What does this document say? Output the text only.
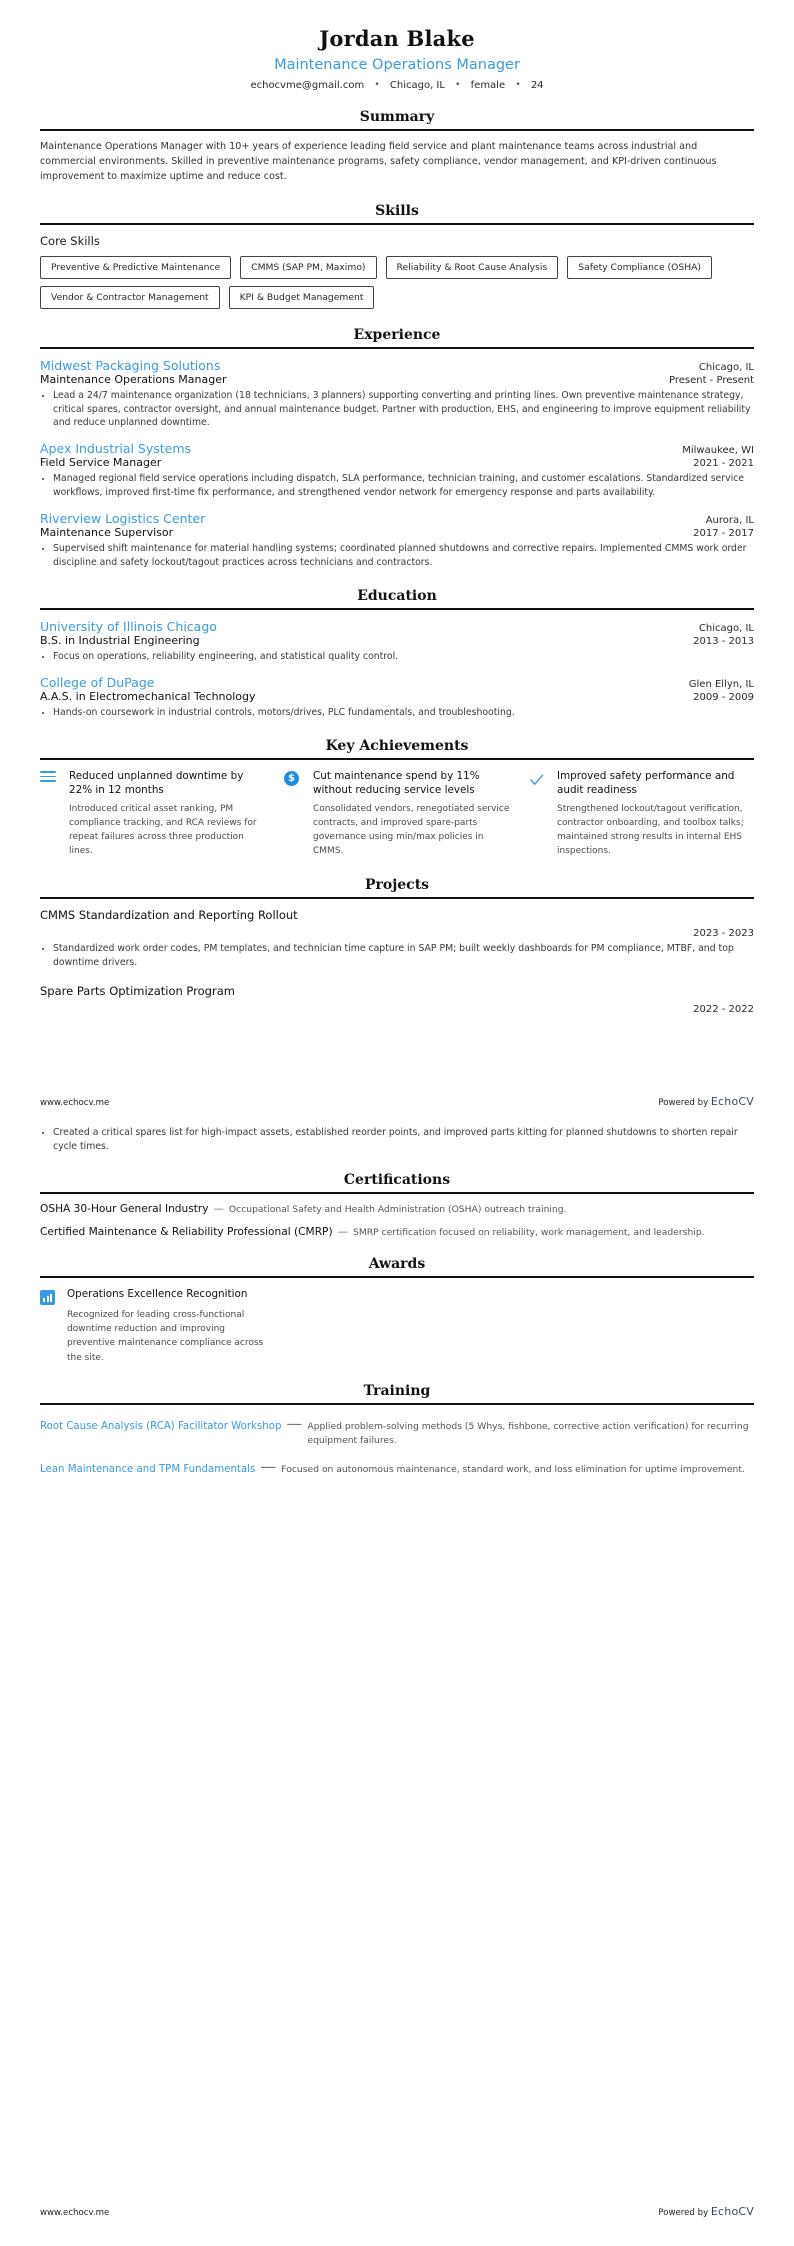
Jordan Blake
Maintenance Operations Manager
echocvme@gmail.com • Chicago, IL • female • 24
Summary
Maintenance Operations Manager with 10+ years of experience leading field service and plant maintenance teams across industrial and commercial environments. Skilled in preventive maintenance programs, safety compliance, vendor management, and KPI-driven continuous improvement to maximize uptime and reduce cost.
Skills
Core Skills
Preventive & Predictive Maintenance	CMMS (SAP PM, Maximo)	Reliability & Root Cause Analysis	Safety Compliance (OSHA)
Vendor & Contractor Management	KPI & Budget Management
Experience
Midwest Packaging Solutions	Chicago, IL
Maintenance Operations Manager	Present - Present
• Lead a 24/7 maintenance organization (18 technicians, 3 planners) supporting converting and printing lines. Own preventive maintenance strategy, critical spares, contractor oversight, and annual maintenance budget. Partner with production, EHS, and engineering to improve equipment reliability and reduce unplanned downtime.
Apex Industrial Systems	Milwaukee, WI
Field Service Manager	2021 - 2021
• Managed regional field service operations including dispatch, SLA performance, technician training, and customer escalations. Standardized service workflows, improved first-time fix performance, and strengthened vendor network for emergency response and parts availability.
Riverview Logistics Center	Aurora, IL
Maintenance Supervisor	2017 - 2017
• Supervised shift maintenance for material handling systems; coordinated planned shutdowns and corrective repairs. Implemented CMMS work order discipline and safety lockout/tagout practices across technicians and contractors.
Education
University of Illinois Chicago	Chicago, IL
B.S. in Industrial Engineering	2013 - 2013
• Focus on operations, reliability engineering, and statistical quality control.
College of DuPage	Glen Ellyn, IL
A.A.S. in Electromechanical Technology	2009 - 2009
• Hands-on coursework in industrial controls, motors/drives, PLC fundamentals, and troubleshooting.
Key Achievements
Reduced unplanned downtime by 22% in 12 months
Introduced critical asset ranking, PM compliance tracking, and RCA reviews for repeat failures across three production lines.
$	Cut maintenance spend by 11% without reducing service levels
Consolidated vendors, renegotiated service contracts, and improved spare-parts governance using min/max policies in CMMS.
Improved safety performance and audit readiness
Strengthened lockout/tagout verification, contractor onboarding, and toolbox talks; maintained strong results in internal EHS inspections.
Projects
CMMS Standardization and Reporting Rollout
2023 - 2023
• Standardized work order codes, PM templates, and technician time capture in SAP PM; built weekly dashboards for PM compliance, MTBF, and top downtime drivers.
Spare Parts Optimization Program
2022 - 2022
• Created a critical spares list for high-impact assets, established reorder points, and improved parts kitting for planned shutdowns to shorten repair cycle times.
Certifications
OSHA 30-Hour General Industry — Occupational Safety and Health Administration (OSHA) outreach training.
Certified Maintenance & Reliability Professional (CMRP) — SMRP certification focused on reliability, work management, and leadership.
Awards
Operations Excellence Recognition
Recognized for leading cross-functional downtime reduction and improving preventive maintenance compliance across the site.
Training
Root Cause Analysis (RCA) Facilitator Workshop — Applied problem-solving methods (5 Whys, fishbone, corrective action verification) for recurring equipment failures.
Lean Maintenance and TPM Fundamentals — Focused on autonomous maintenance, standard work, and loss elimination for uptime improvement.
www.echocv.me	Powered by EchoCV
www.echocv.me	Powered by EchoCV
